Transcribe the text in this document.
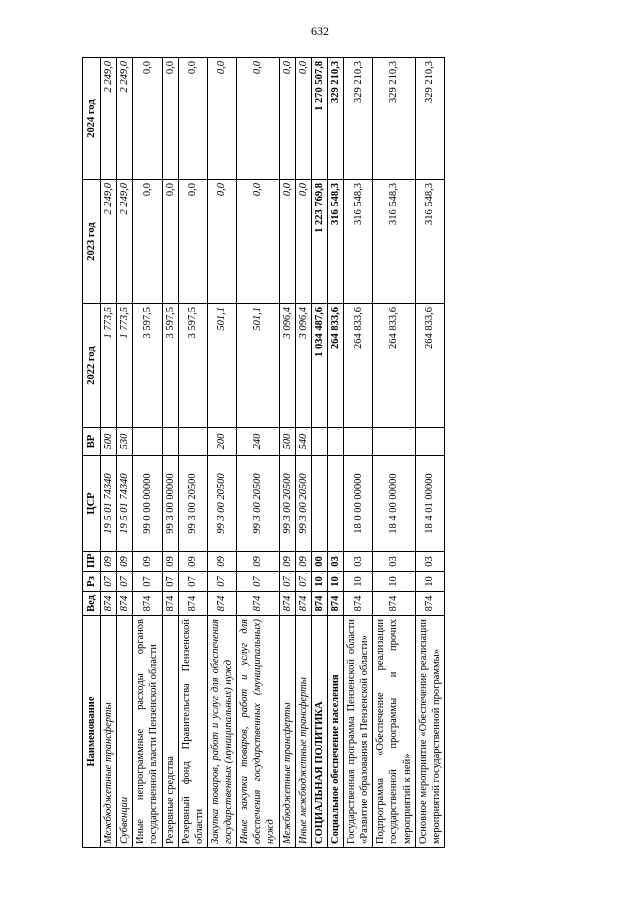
632
Наименование	Вед	Рз	ПР	ЦСР	ВР	2022 год	2023 год	2024 год
Межбюджетные трансферты	874	07	09	19 5 01 74340	500	1 773,5	2 249,0	2 249,0
Субвенции	874	07	09	19 5 01 74340	530	1 773,5	2 249,0	2 249,0
Иные непрограммные расходы органов государственной власти Пензенской области	874	07	09	99 0 00 00000		3 597,5	0,0	0,0
Резервные средства	874	07	09	99 3 00 00000		3 597,5	0,0	0,0
Резервный фонд Правительства Пензенской области	874	07	09	99 3 00 20500		3 597,5	0,0	0,0
Закупка товаров, работ и услуг для обеспечения государственных (муниципальных) нужд	874	07	09	99 3 00 20500	200	501,1	0,0	0,0
Иные закупки товаров, работ и услуг для обеспечения государственных (муниципальных) нужд	874	07	09	99 3 00 20500	240	501,1	0,0	0,0
Межбюджетные трансферты	874	07	09	99 3 00 20500	500	3 096,4	0,0	0,0
Иные межбюджетные трансферты	874	07	09	99 3 00 20500	540	3 096,4	0,0	0,0
СОЦИАЛЬНАЯ ПОЛИТИКА	874	10	00			1 034 487,6	1 223 769,8	1 270 507,8
Социальное обеспечение населения	874	10	03			264 833,6	316 548,3	329 210,3
Государственная программа Пензенской области «Развитие образования в Пензенской области»	874	10	03	18 0 00 00000		264 833,6	316 548,3	329 210,3
Подпрограмма «Обеспечение реализации государственной программы и прочих мероприятий к ней»	874	10	03	18 4 00 00000		264 833,6	316 548,3	329 210,3
Основное мероприятие «Обеспечение реализации мероприятий государственной программы»	874	10	03	18 4 01 00000		264 833,6	316 548,3	329 210,3
